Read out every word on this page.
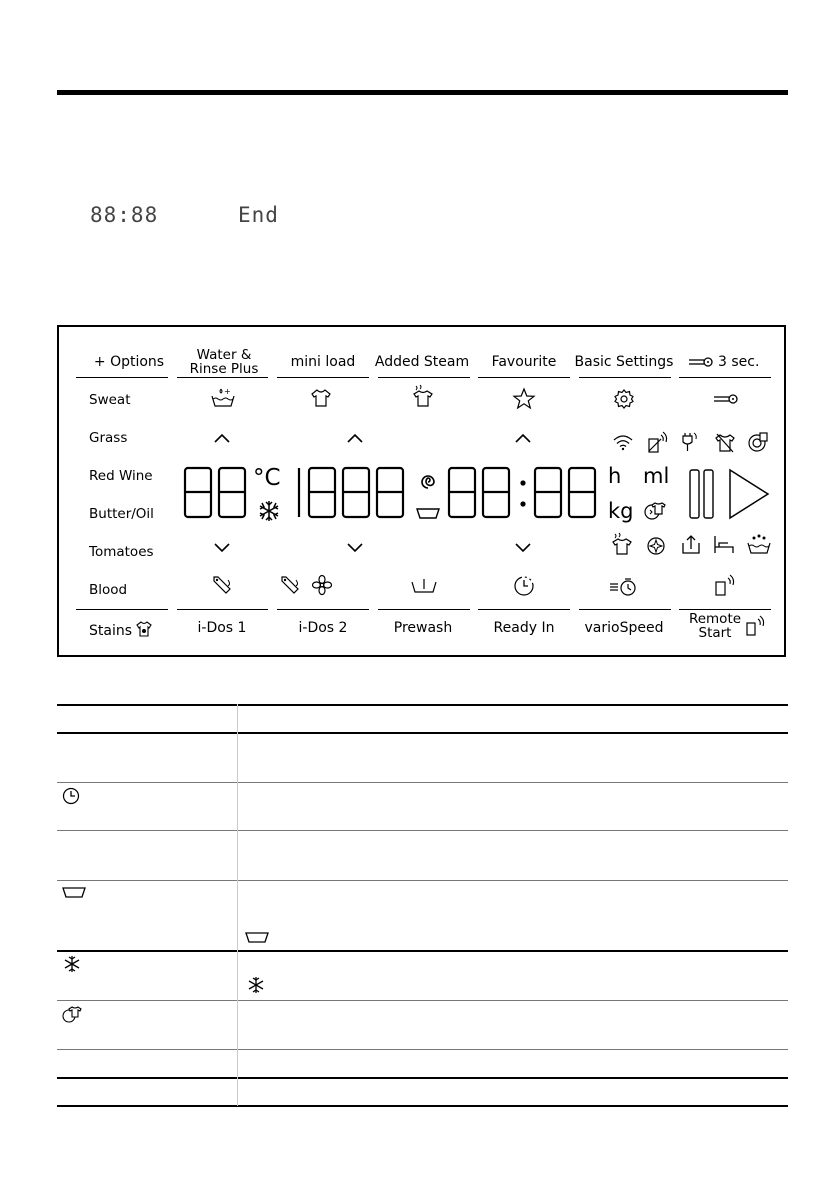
88:88	End
+ Options	Water &
Rinse Plus	mini load	Added Steam	Favourite	Basic Settings	3 sec.
Sweat
Grass
Red Wine
Butter/Oil
Tomatoes
Blood
+
°C	h ml
kg
Stains	i-Dos 1	i-Dos 2	Prewash	Ready In	varioSpeed
Remote
Start
